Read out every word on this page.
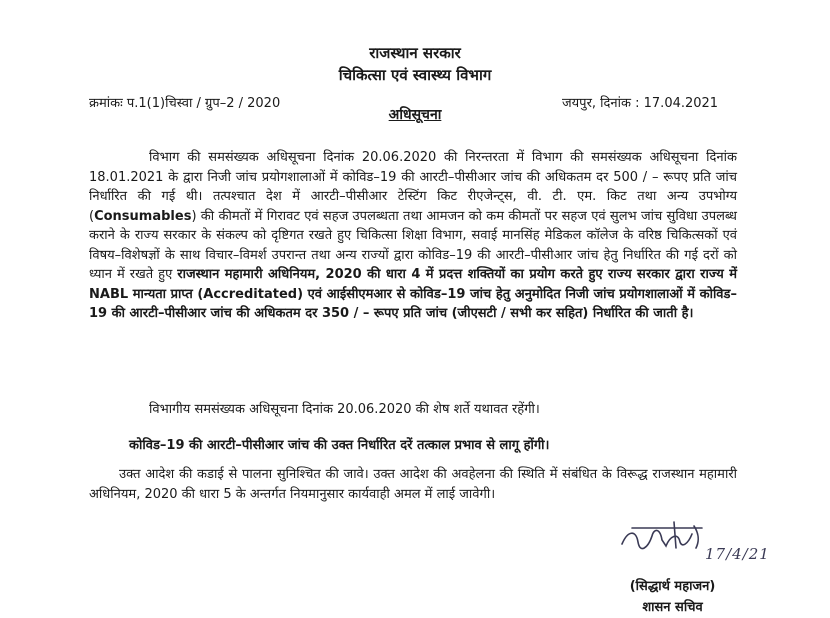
राजस्थान सरकार
चिकित्सा एवं स्वास्थ्य विभाग
क्रमांकः प.1(1)चिस्वा / ग्रुप–2 / 2020	जयपुर, दिनांक : 17.04.2021
अधिसूचना

विभाग की समसंख्यक अधिसूचना दिनांक 20.06.2020 की निरन्तरता में विभाग की समसंख्यक अधिसूचना दिनांक 18.01.2021 के द्वारा निजी जांच प्रयोगशालाओं में कोविड–19 की आरटी–पीसीआर जांच की अधिकतम दर 500 / – रूपए प्रति जांच निर्धारित की गई थी। तत्पश्चात देश में आरटी–पीसीआर टेस्टिंग किट रीएजेन्ट्स, वी. टी. एम. किट तथा अन्य उपभोग्य (Consumables) की कीमतों में गिरावट एवं सहज उपलब्धता तथा आमजन को कम कीमतों पर सहज एवं सुलभ जांच सुविधा उपलब्ध कराने के राज्य सरकार के संकल्प को दृष्टिगत रखते हुए चिकित्सा शिक्षा विभाग, सवाई मानसिंह मेडिकल कॉलेज के वरिष्ठ चिकित्सकों एवं विषय–विशेषज्ञों के साथ विचार–विमर्श उपरान्त तथा अन्य राज्यों द्वारा कोविड–19 की आरटी–पीसीआर जांच हेतु निर्धारित की गई दरों को ध्यान में रखते हुए राजस्थान महामारी अधिनियम, 2020 की धारा 4 में प्रदत्त शक्तियों का प्रयोग करते हुए राज्य सरकार द्वारा राज्य में NABL मान्यता प्राप्त (Accreditated) एवं आईसीएमआर से कोविड–19 जांच हेतु अनुमोदित निजी जांच प्रयोगशालाओं में कोविड–19 की आरटी–पीसीआर जांच की अधिकतम दर 350 / – रूपए प्रति जांच (जीएसटी / सभी कर सहित) निर्धारित की जाती है।

विभागीय समसंख्यक अधिसूचना दिनांक 20.06.2020 की शेष शर्ते यथावत रहेंगी।

कोविड–19 की आरटी–पीसीआर जांच की उक्त निर्धारित दरें तत्काल प्रभाव से लागू होंगी।

उक्त आदेश की कडाई से पालना सुनिश्चित की जावे। उक्त आदेश की अवहेलना की स्थिति में संबंधित के विरूद्ध राजस्थान महामारी अधिनियम, 2020 की धारा 5 के अन्तर्गत नियमानुसार कार्यवाही अमल में लाई जावेगी।

17/4/21
(सिद्धार्थ महाजन)
शासन सचिव
